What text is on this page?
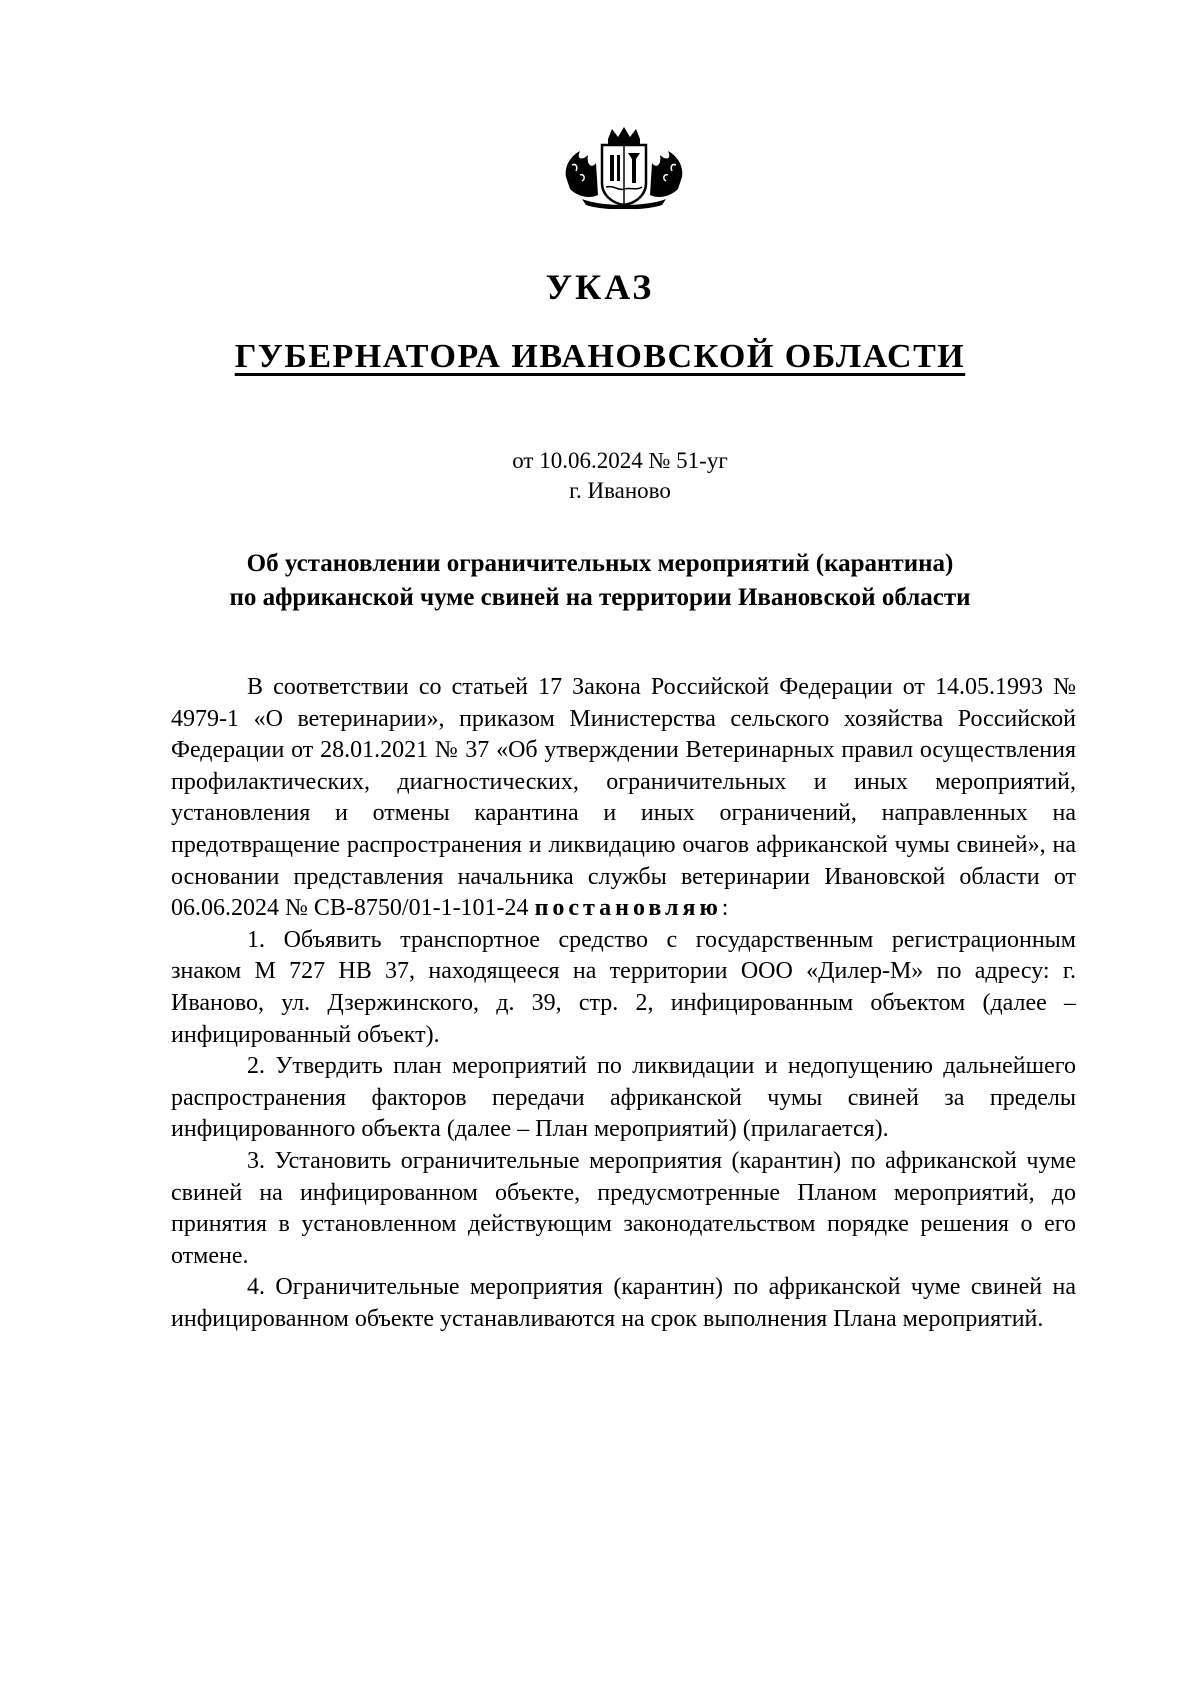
УКАЗ
ГУБЕРНАТОРА ИВАНОВСКОЙ ОБЛАСТИ
от 10.06.2024 № 51-уг
г. Иваново
Об установлении ограничительных мероприятий (карантина)
по африканской чуме свиней на территории Ивановской области

В соответствии со статьей 17 Закона Российской Федерации от 14.05.1993 № 4979-1 «О ветеринарии», приказом Министерства сельского хозяйства Российской Федерации от 28.01.2021 № 37 «Об утверждении Ветеринарных правил осуществления профилактических, диагностических, ограничительных и иных мероприятий, установления и отмены карантина и иных ограничений, направленных на предотвращение распространения и ликвидацию очагов африканской чумы свиней», на основании представления начальника службы ветеринарии Ивановской области от 06.06.2024 № СВ-8750/01-1-101-24 постановляю:

1. Объявить транспортное средство с государственным регистрационным знаком М 727 НВ 37, находящееся на территории ООО «Дилер-М» по адресу: г. Иваново, ул. Дзержинского, д. 39, стр. 2, инфицированным объектом (далее – инфицированный объект).

2. Утвердить план мероприятий по ликвидации и недопущению дальнейшего распространения факторов передачи африканской чумы свиней за пределы инфицированного объекта (далее – План мероприятий) (прилагается).

3. Установить ограничительные мероприятия (карантин) по африканской чуме свиней на инфицированном объекте, предусмотренные Планом мероприятий, до принятия в установленном действующим законодательством порядке решения о его отмене.

4. Ограничительные мероприятия (карантин) по африканской чуме свиней на инфицированном объекте устанавливаются на срок выполнения Плана мероприятий.
